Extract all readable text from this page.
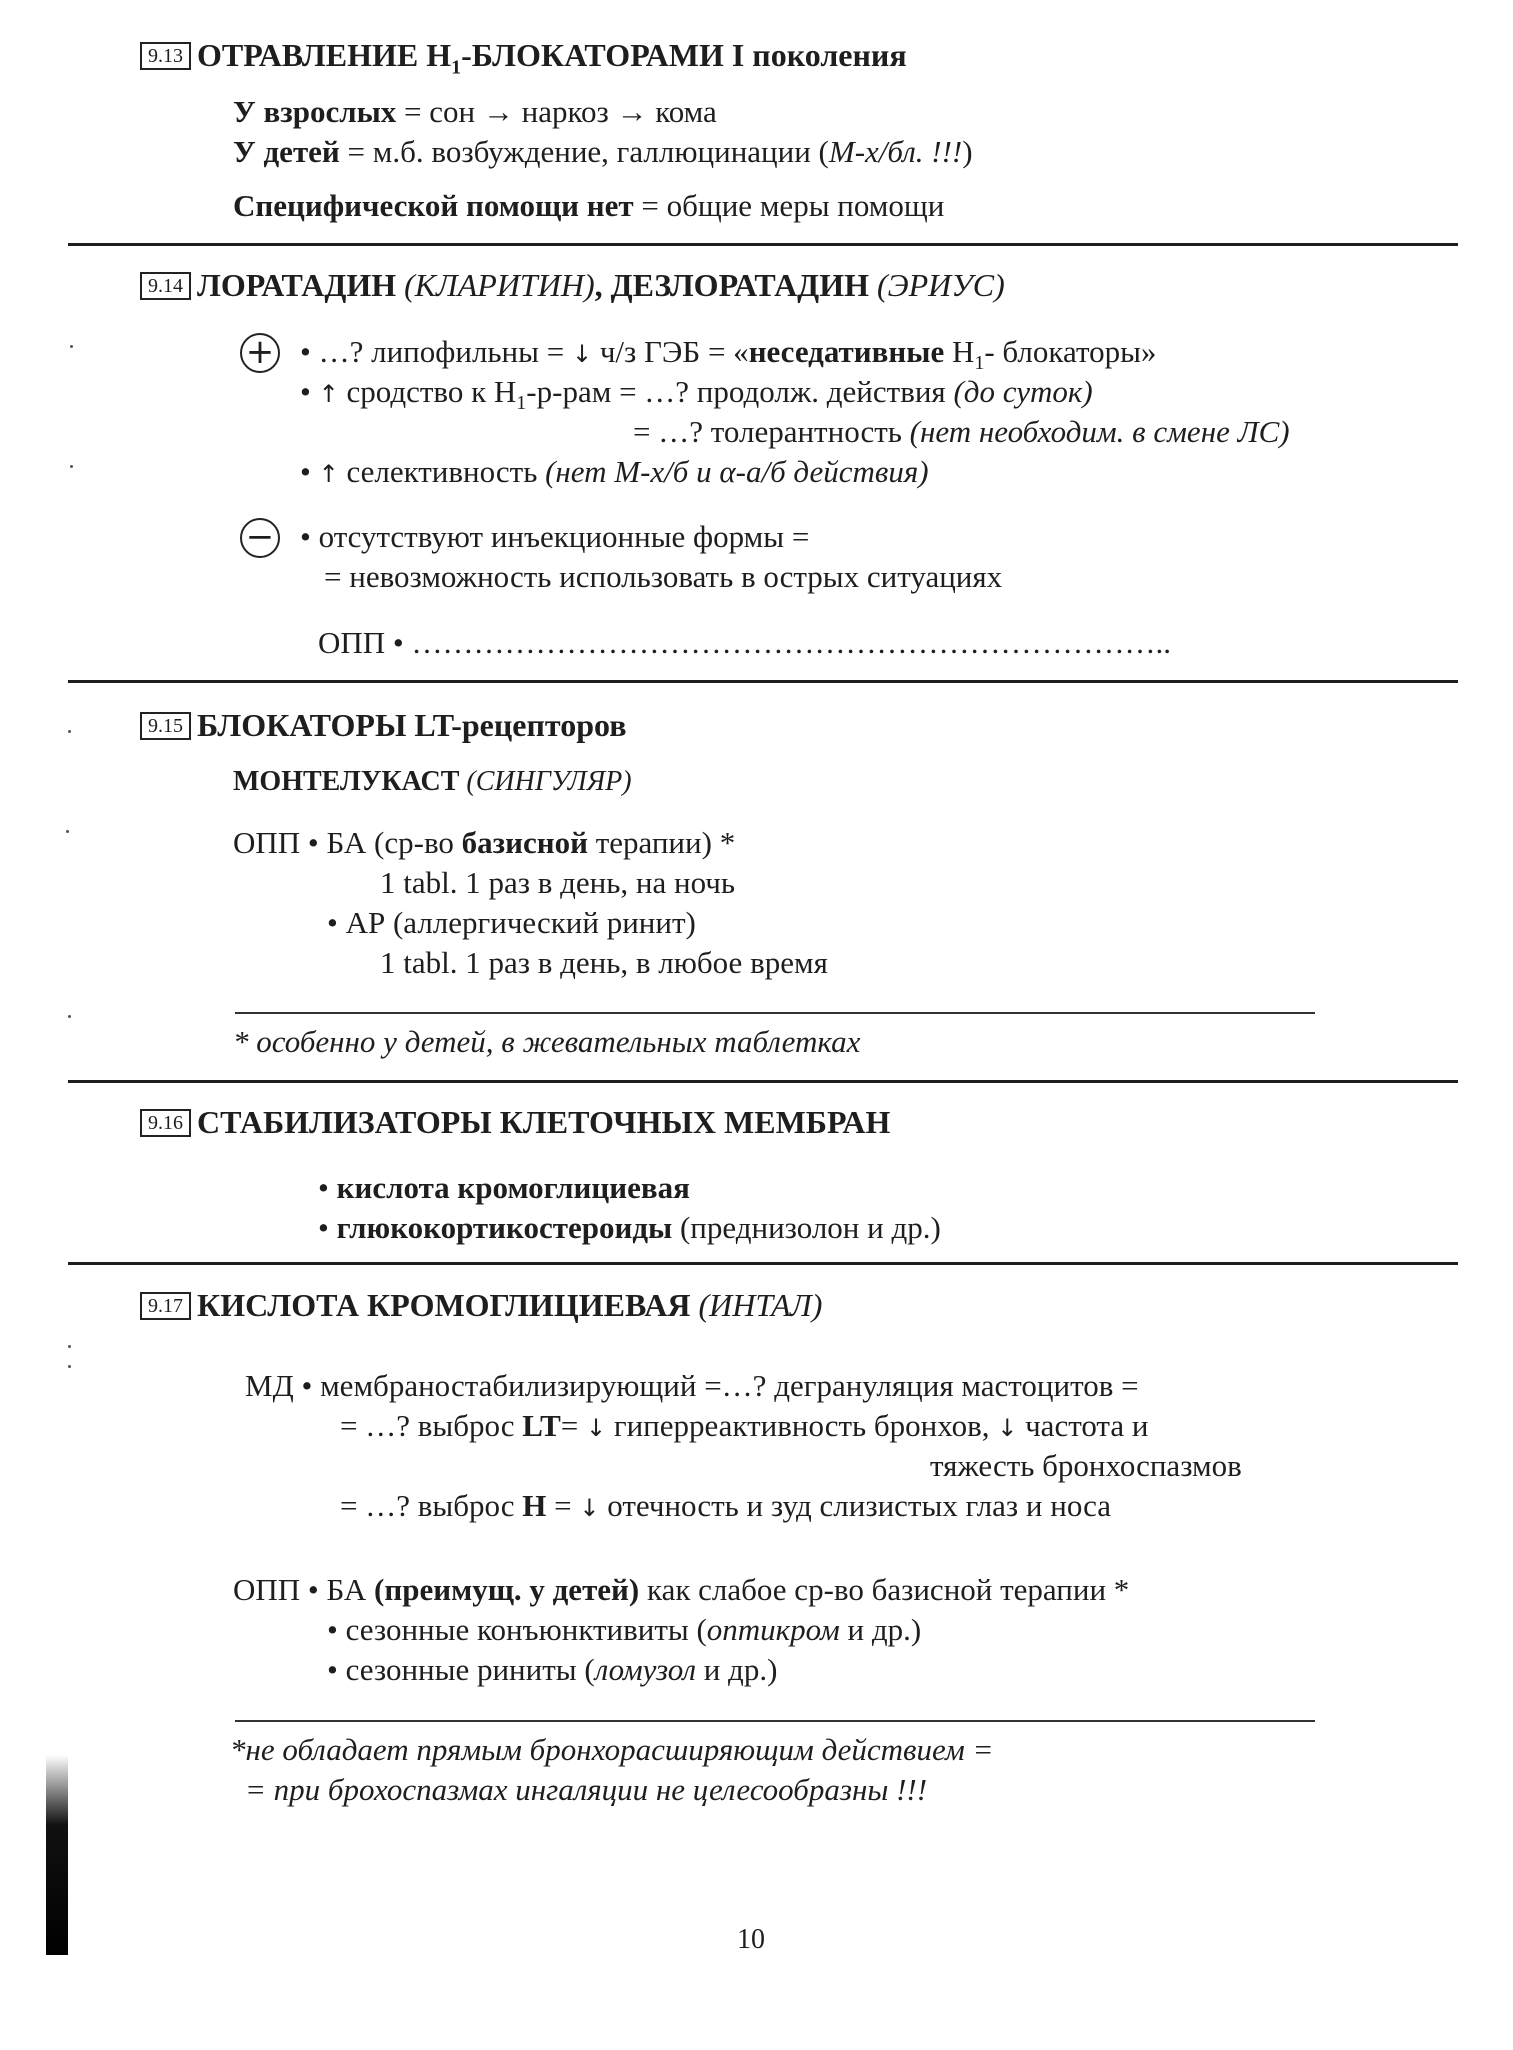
9.13 ОТРАВЛЕНИЕ $Н_1$-БЛОКАТОРАМИ I поколения
У взрослых = сон → наркоз → кома
У детей = м.б. возбуждение, галлюцинации (М-х/бл. !!!)
Специфической помощи нет = общие меры помощи
9.14 ЛОРАТАДИН (КЛАРИТИН), ДЕЗЛОРАТАДИН (ЭРИУС)
+ • …? липофильны = ↓ ч/з ГЭБ = «неседативные $Н_1-$ блокаторы»
• ↑ сродство к $Н_1-р$-рам = …? продолж. действия (до суток)
= …? толерантность (нет необходим. в смене ЛС)
• ↑ селективность (нет М-х/б и α-а/б действия)
− • отсутствуют инъекционные формы =
= невозможность использовать в острых ситуациях
ОПП • ………………………………………………………………..
9.15 БЛОКАТОРЫ LT-рецепторов
МОНТЕЛУКАСТ (СИНГУЛЯР)
ОПП • БА (ср-во базисной терапии) *
1 tabl. 1 раз в день, на ночь
• АР (аллергический ринит)
1 tabl. 1 раз в день, в любое время
* особенно у детей, в жевательных таблетках
9.16 СТАБИЛИЗАТОРЫ КЛЕТОЧНЫХ МЕМБРАН
• кислота кромоглициевая
• глюкокортикостероиды (преднизолон и др.)
9.17 КИСЛОТА КРОМОГЛИЦИЕВАЯ (ИНТАЛ)
МД • мембраностабилизирующий =…? дегрануляция мастоцитов =
= …? выброс LT= ↓ гиперреактивность бронхов, ↓ частота и
тяжесть бронхоспазмов
= …? выброс Н = ↓ отечность и зуд слизистых глаз и носа
ОПП • БА (преимущ. у детей) как слабое ср-во базисной терапии *
• сезонные конъюнктивиты (оптикром и др.)
• сезонные риниты (ломузол и др.)
*не обладает прямым бронхорасширяющим действием =
= при брохоспазмах ингаляции не целесообразны !!!
10
